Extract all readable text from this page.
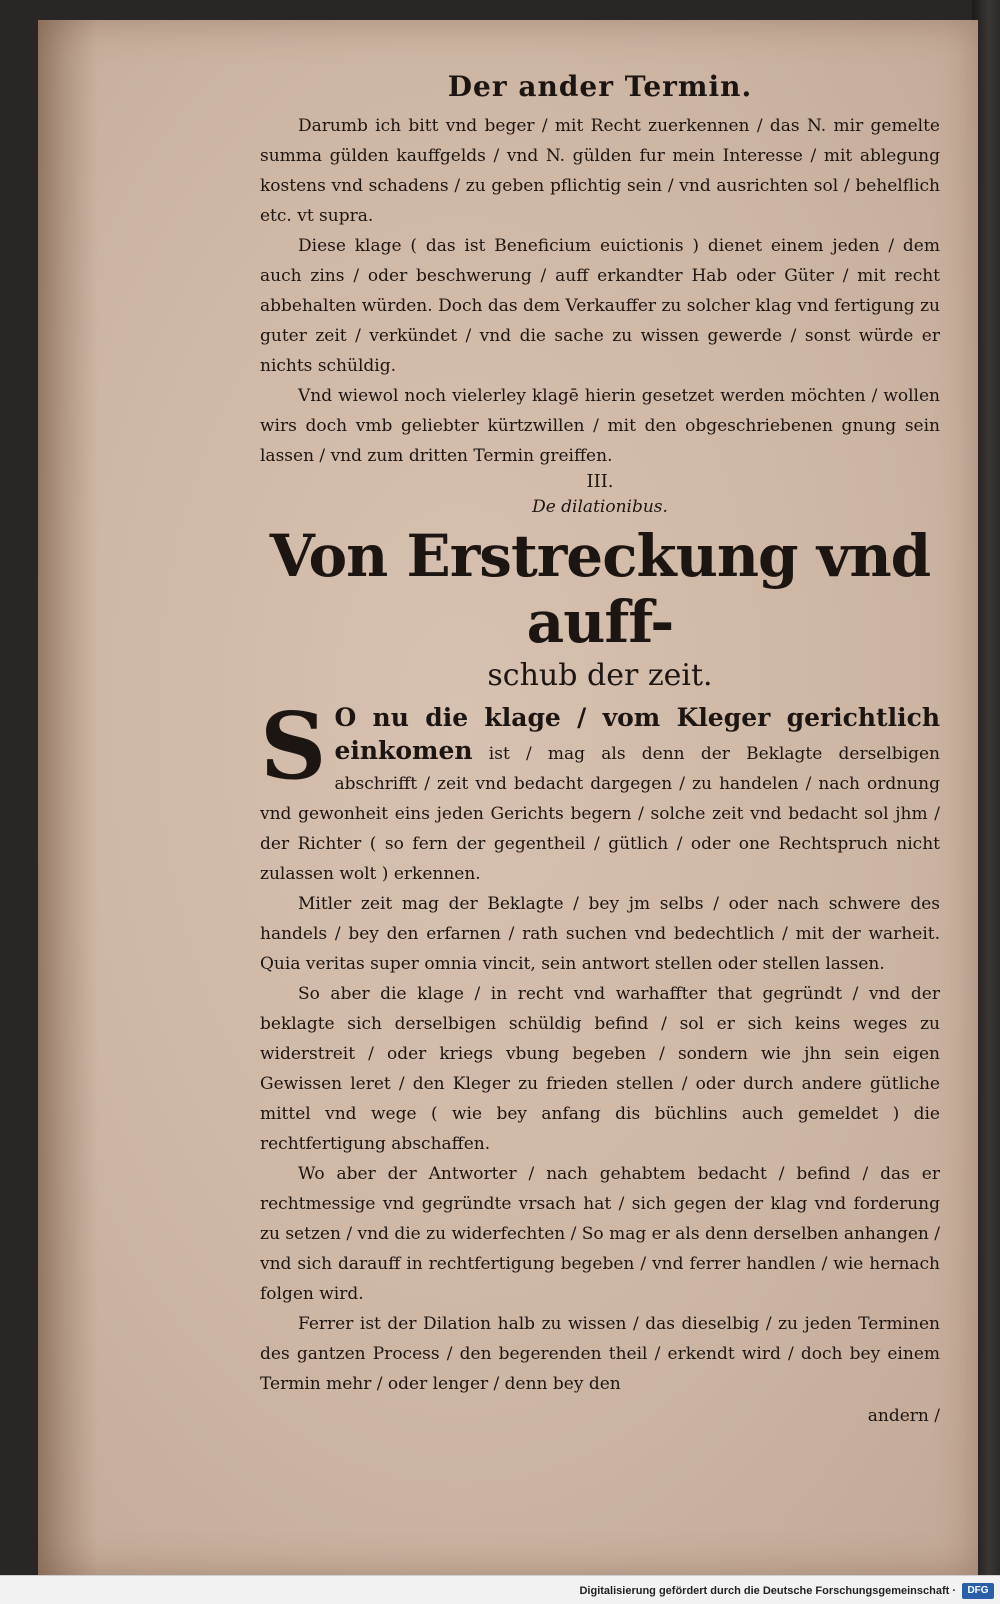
Der ander Termin.

Darumb ich bitt vnd beger / mit Recht zuerkennen / das N. mir gemelte summa gülden kauffgelds / vnd N. gülden fur mein Interesse / mit ablegung kostens vnd schadens / zu geben pflichtig sein / vnd ausrichten sol / behelflich etc. vt supra.

Diese klage ( das ist Beneficium euictionis ) dienet einem jeden / dem auch zins / oder beschwerung / auff erkandter Hab oder Güter / mit recht abbehalten würden. Doch das dem Verkauffer zu solcher klag vnd fertigung zu guter zeit / verkündet / vnd die sache zu wissen gewerde / sonst würde er nichts schüldig.

Vnd wiewol noch vielerley klagē hierin gesetzet werden möchten / wollen wirs doch vmb geliebter kürtzwillen / mit den obgeschriebenen gnung sein lassen / vnd zum dritten Termin greiffen.

III.
De dilationibus.
Von Erstreckung vnd auff-
schub der zeit.

S O nu die klage / vom Kleger gerichtlich einkomen ist / mag als denn der Beklagte derselbigen abschrifft / zeit vnd bedacht dargegen / zu handelen / nach ordnung vnd gewonheit eins jeden Gerichts begern / solche zeit vnd bedacht sol jhm / der Richter ( so fern der gegentheil / gütlich / oder one Rechtspruch nicht zulassen wolt ) erkennen.

Mitler zeit mag der Beklagte / bey jm selbs / oder nach schwere des handels / bey den erfarnen / rath suchen vnd bedechtlich / mit der warheit. Quia veritas super omnia vincit, sein antwort stellen oder stellen lassen.

So aber die klage / in recht vnd warhaffter that gegründt / vnd der beklagte sich derselbigen schüldig befind / sol er sich keins weges zu widerstreit / oder kriegs vbung begeben / sondern wie jhn sein eigen Gewissen leret / den Kleger zu frieden stellen / oder durch andere gütliche mittel vnd wege ( wie bey anfang dis büchlins auch gemeldet ) die rechtfertigung abschaffen.

Wo aber der Antworter / nach gehabtem bedacht / befind / das er rechtmessige vnd gegründte vrsach hat / sich gegen der klag vnd forderung zu setzen / vnd die zu widerfechten / So mag er als denn derselben anhangen / vnd sich darauff in rechtfertigung begeben / vnd ferrer handlen / wie hernach folgen wird.

Ferrer ist der Dilation halb zu wissen / das dieselbig / zu jeden Terminen des gantzen Process / den begerenden theil / erkendt wird / doch bey einem Termin mehr / oder lenger / denn bey den

andern /
Digitalisierung gefördert durch die Deutsche Forschungsgemeinschaft ·	DFG
